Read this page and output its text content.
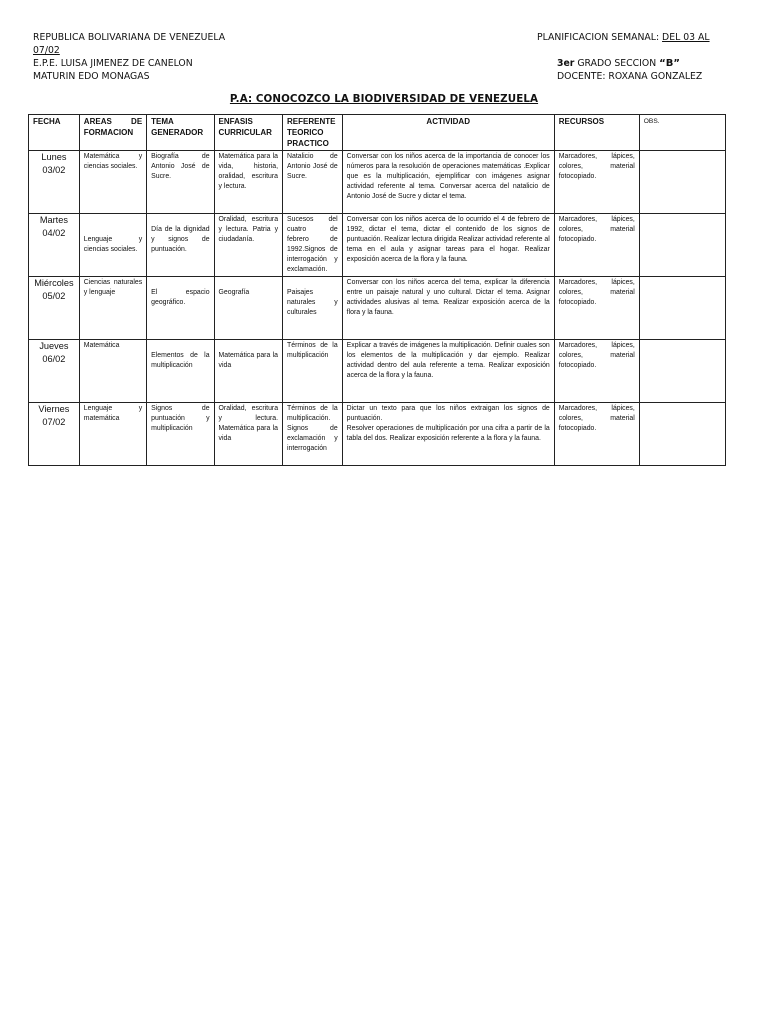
REPUBLICA BOLIVARIANA DE VENEZUELA
07/02
E.P.E. LUISA JIMENEZ DE CANELON
MATURIN EDO MONAGAS
PLANIFICACION SEMANAL: DEL 03 AL
3er GRADO SECCION “B”
DOCENTE: ROXANA GONZALEZ
P.A: CONOCOZCO LA BIODIVERSIDAD DE VENEZUELA
FECHA	AREAS DE FORMACION	TEMA GENERADOR	ENFASIS CURRICULAR	REFERENTE TEORICO PRACTICO	ACTIVIDAD	RECURSOS	OBS.
Lunes
03/02	Matemática y ciencias sociales.	Biografía de Antonio José de Sucre.	Matemática para la vida, historia, oralidad, escritura y lectura.	Natalicio de Antonio José de Sucre.	Conversar con los niños acerca de la importancia de conocer los números para la resolución de operaciones matemáticas .Explicar que es la multiplicación, ejemplificar con imágenes asignar actividad referente al tema. Conversar acerca del natalicio de Antonio José de Sucre y dictar el tema.	Marcadores, lápices, colores, material fotocopiado.	
Martes
04/02	Lenguaje y ciencias sociales.	Día de la dignidad y signos de puntuación.	Oralidad, escritura y lectura. Patria y ciudadanía.	Sucesos del cuatro de febrero de 1992.Signos de interrogación y exclamación.	Conversar con los niños acerca de lo ocurrido el 4 de febrero de 1992, dictar el tema, dictar el contenido de los signos de puntuación. Realizar lectura dirigida Realizar actividad referente al tema en el aula y asignar tareas para el hogar. Realizar exposición acerca de la flora y la fauna.	Marcadores, lápices, colores, material fotocopiado.	
Miércoles
05/02	Ciencias naturales y lenguaje	El espacio geográfico.	Geografía	Paisajes naturales y culturales	Conversar con los niños acerca del tema, explicar la diferencia entre un paisaje natural y uno cultural. Dictar el tema. Asignar actividades alusivas al tema. Realizar exposición acerca de la flora y la fauna.	Marcadores, lápices, colores, material fotocopiado.	
Jueves
06/02	Matemática	Elementos de la multiplicación	Matemática para la vida	Términos de la multiplicación	Explicar a través de imágenes la multiplicación. Definir cuales son los elementos de la multiplicación y dar ejemplo. Realizar actividad dentro del aula referente a tema. Realizar exposición acerca de la flora y la fauna.	Marcadores, lápices, colores, material fotocopiado.	
Viernes
07/02	Lenguaje y matemática	Signos de puntuación y multiplicación	Oralidad, escritura y lectura. Matemática para la vida	Términos de la multiplicación. Signos de exclamación y interrogación	Dictar un texto para que los niños extraigan los signos de puntuación.
Resolver operaciones de multiplicación por una cifra a partir de la tabla del dos. Realizar exposición referente a la flora y la fauna.	Marcadores, lápices, colores, material fotocopiado.	
